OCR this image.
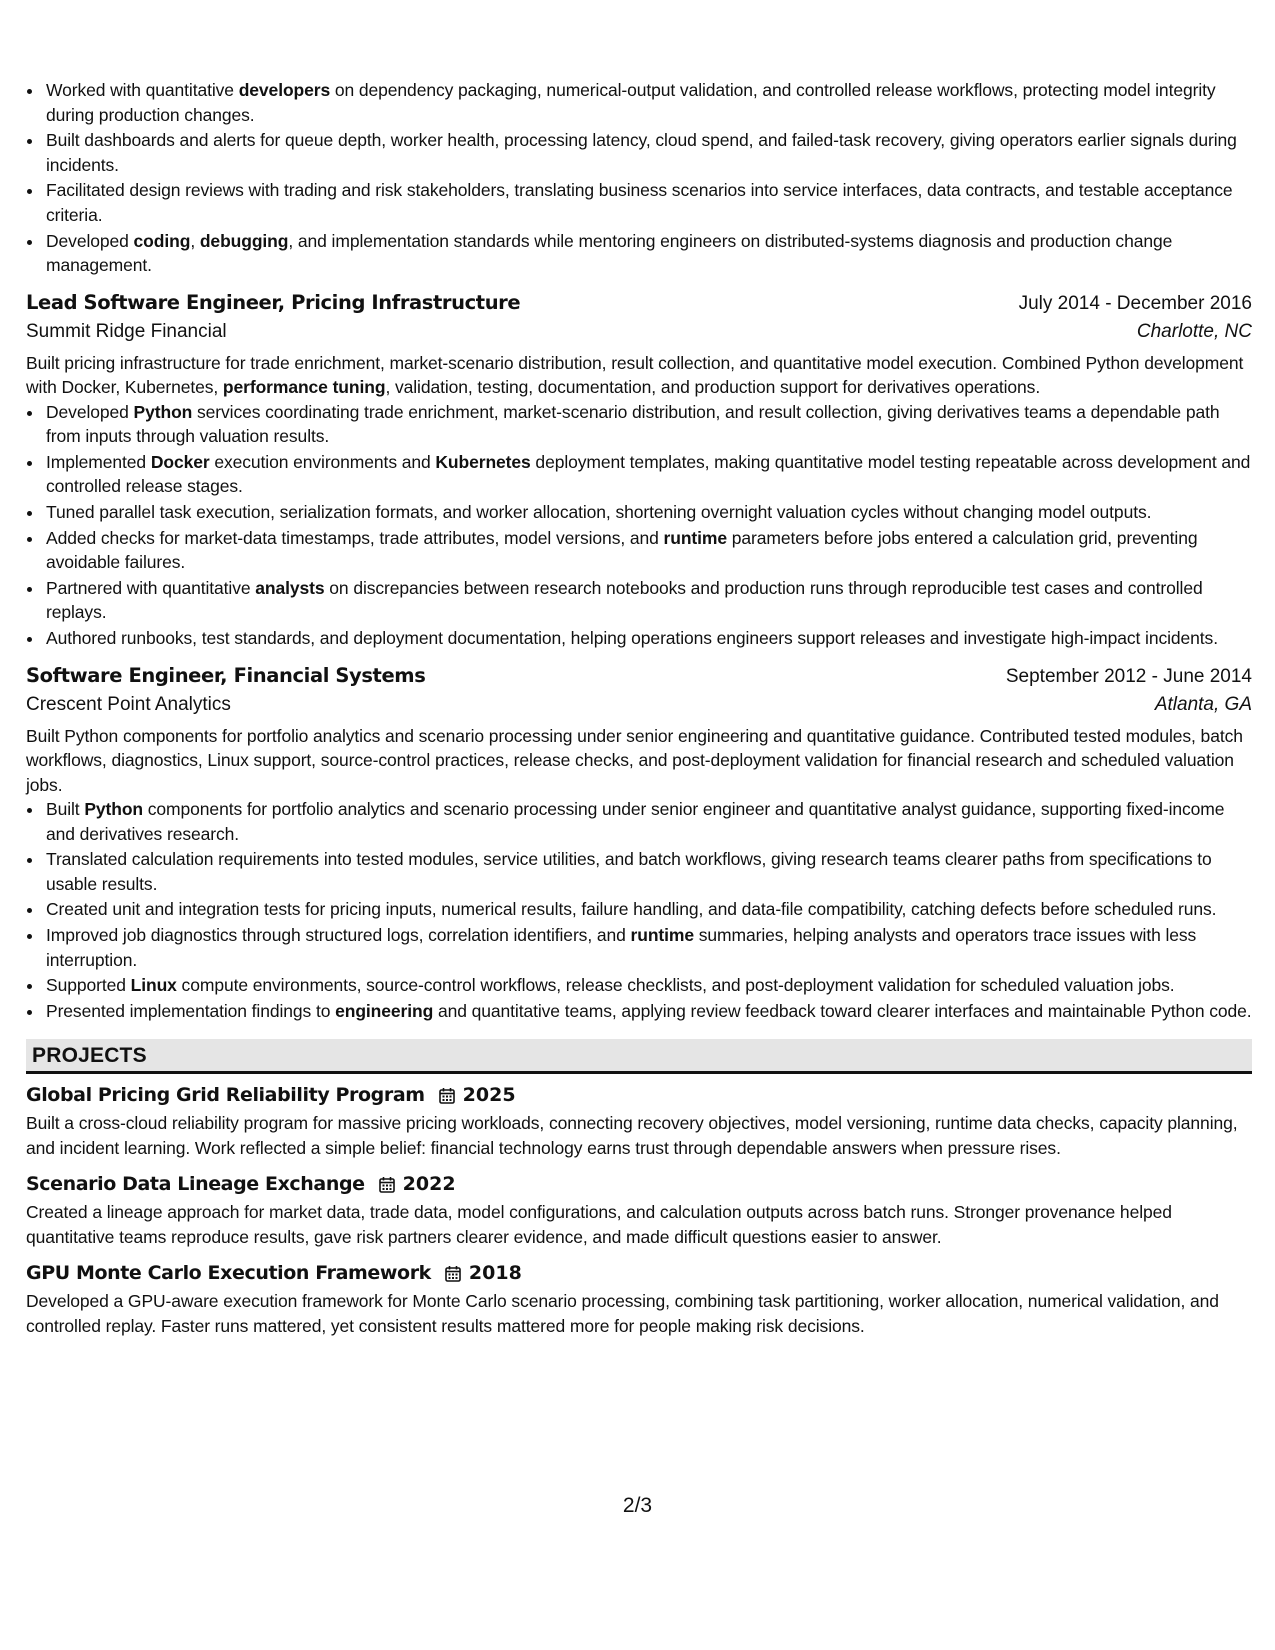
• Worked with quantitative developers on dependency packaging, numerical-output validation, and controlled release workflows, protecting model integrity during production changes.
• Built dashboards and alerts for queue depth, worker health, processing latency, cloud spend, and failed-task recovery, giving operators earlier signals during incidents.
• Facilitated design reviews with trading and risk stakeholders, translating business scenarios into service interfaces, data contracts, and testable acceptance criteria.
• Developed coding, debugging, and implementation standards while mentoring engineers on distributed-systems diagnosis and production change management.
Lead Software Engineer, Pricing Infrastructure	July 2014 - December 2016
Summit Ridge Financial	Charlotte, NC
Built pricing infrastructure for trade enrichment, market-scenario distribution, result collection, and quantitative model execution. Combined Python development with Docker, Kubernetes, performance tuning, validation, testing, documentation, and production support for derivatives operations.
• Developed Python services coordinating trade enrichment, market-scenario distribution, and result collection, giving derivatives teams a dependable path from inputs through valuation results.
• Implemented Docker execution environments and Kubernetes deployment templates, making quantitative model testing repeatable across development and controlled release stages.
• Tuned parallel task execution, serialization formats, and worker allocation, shortening overnight valuation cycles without changing model outputs.
• Added checks for market-data timestamps, trade attributes, model versions, and runtime parameters before jobs entered a calculation grid, preventing avoidable failures.
• Partnered with quantitative analysts on discrepancies between research notebooks and production runs through reproducible test cases and controlled replays.
• Authored runbooks, test standards, and deployment documentation, helping operations engineers support releases and investigate high-impact incidents.
Software Engineer, Financial Systems	September 2012 - June 2014
Crescent Point Analytics	Atlanta, GA
Built Python components for portfolio analytics and scenario processing under senior engineering and quantitative guidance. Contributed tested modules, batch workflows, diagnostics, Linux support, source-control practices, release checks, and post-deployment validation for financial research and scheduled valuation jobs.
• Built Python components for portfolio analytics and scenario processing under senior engineer and quantitative analyst guidance, supporting fixed-income and derivatives research.
• Translated calculation requirements into tested modules, service utilities, and batch workflows, giving research teams clearer paths from specifications to usable results.
• Created unit and integration tests for pricing inputs, numerical results, failure handling, and data-file compatibility, catching defects before scheduled runs.
• Improved job diagnostics through structured logs, correlation identifiers, and runtime summaries, helping analysts and operators trace issues with less interruption.
• Supported Linux compute environments, source-control workflows, release checklists, and post-deployment validation for scheduled valuation jobs.
• Presented implementation findings to engineering and quantitative teams, applying review feedback toward clearer interfaces and maintainable Python code.
PROJECTS
Global Pricing Grid Reliability Program 2025
Built a cross-cloud reliability program for massive pricing workloads, connecting recovery objectives, model versioning, runtime data checks, capacity planning, and incident learning. Work reflected a simple belief: financial technology earns trust through dependable answers when pressure rises.
Scenario Data Lineage Exchange 2022
Created a lineage approach for market data, trade data, model configurations, and calculation outputs across batch runs. Stronger provenance helped quantitative teams reproduce results, gave risk partners clearer evidence, and made difficult questions easier to answer.
GPU Monte Carlo Execution Framework 2018
Developed a GPU-aware execution framework for Monte Carlo scenario processing, combining task partitioning, worker allocation, numerical validation, and controlled replay. Faster runs mattered, yet consistent results mattered more for people making risk decisions.
2/3
